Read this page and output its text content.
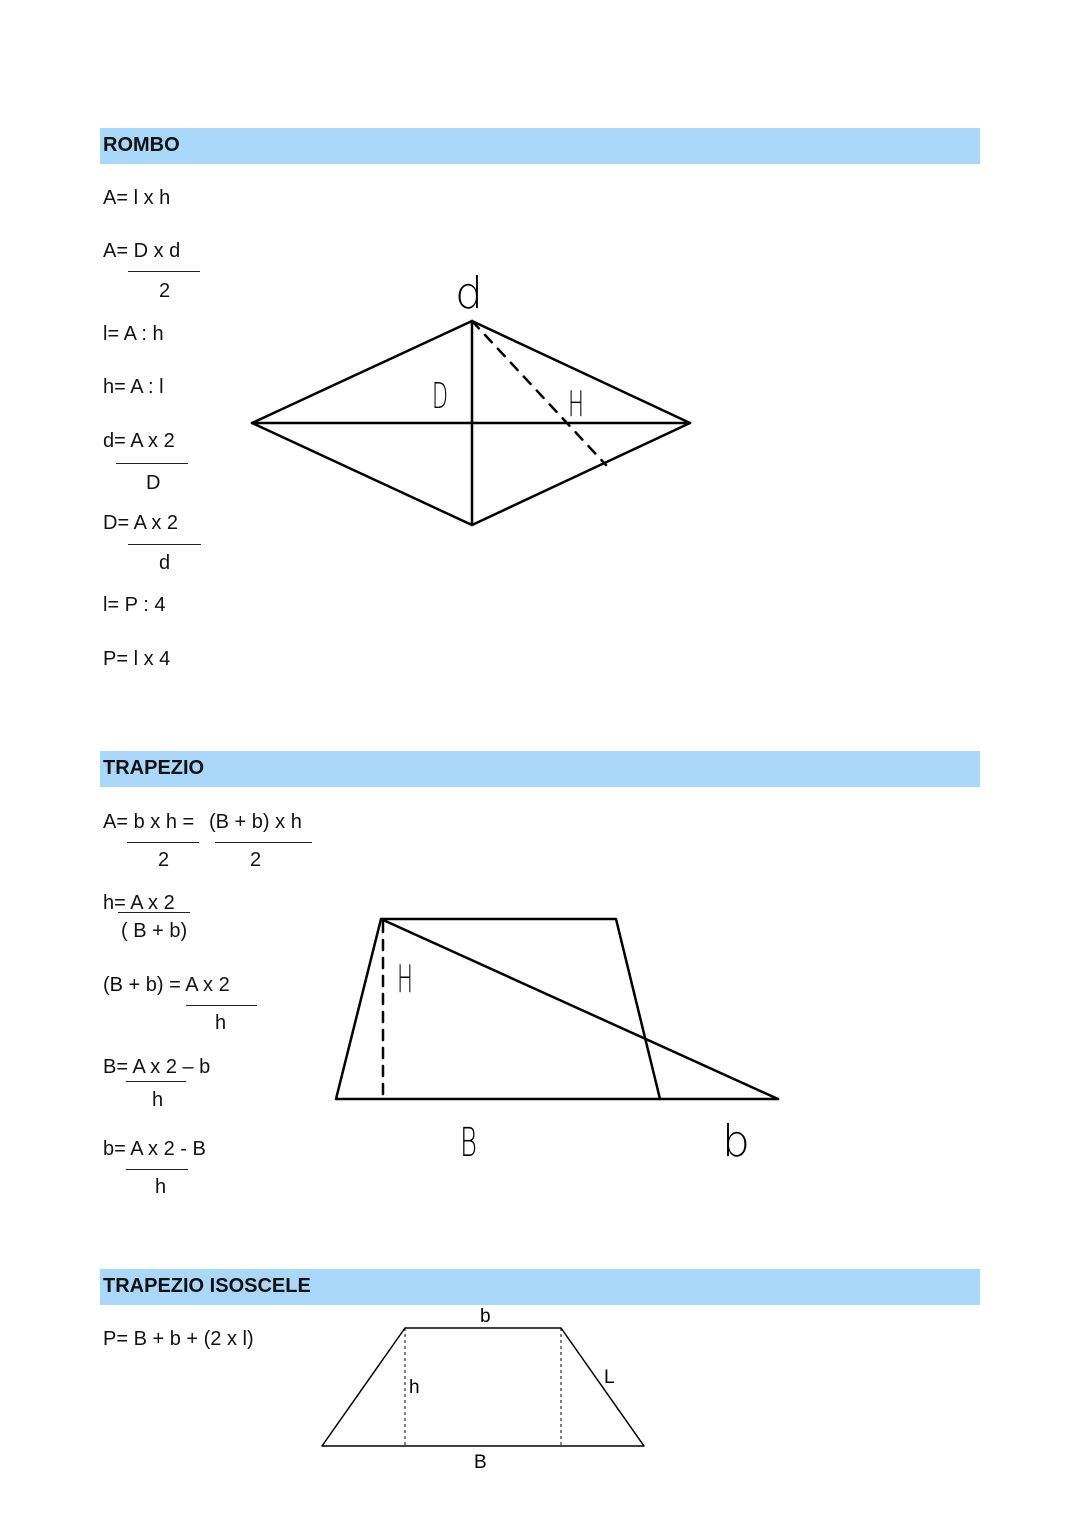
ROMBO
A= l x h
A= D x d
2
l= A : h
h= A : l
d= A x 2
D
D= A x 2
d
l= P : 4
P= l x 4
d
D	H
TRAPEZIO
A= b x h = (B + b) x h
2	2
h= A x 2
( B + b)
(B + b) = A x 2
h
B= A x 2 – b
h
b= A x 2 - B
h
H
B	b
TRAPEZIO ISOSCELE
P= B + b + (2 x l)
b
h	L
B
